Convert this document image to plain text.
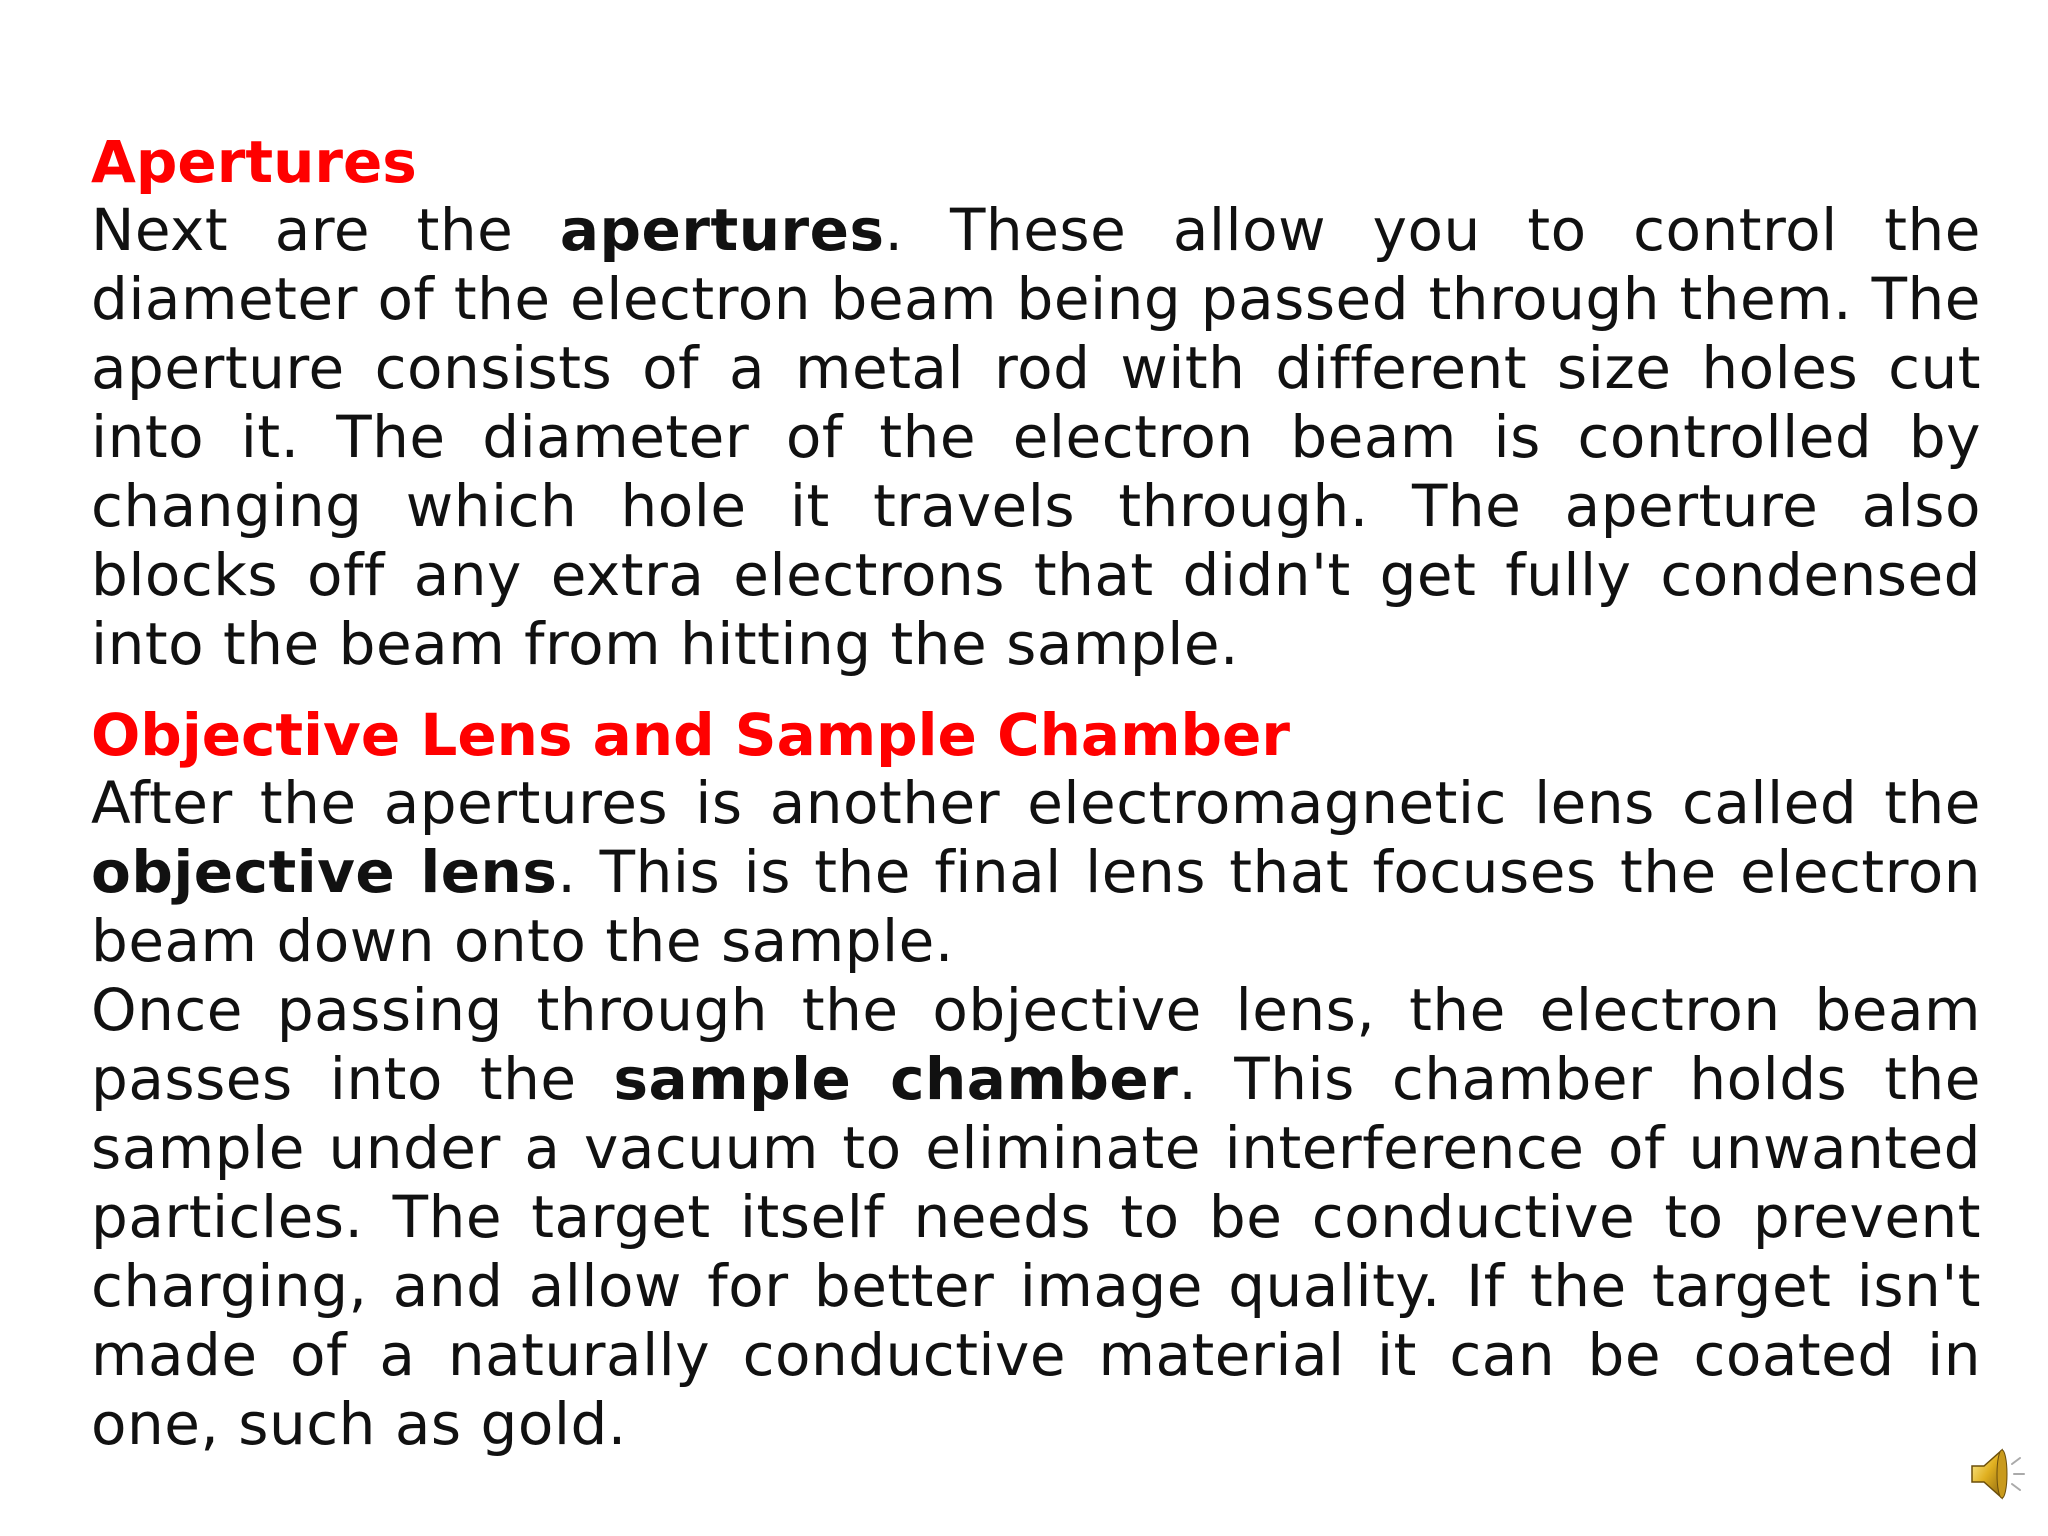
Apertures

Next are the apertures. These allow you to control the diameter of the electron beam being passed through them. The aperture consists of a metal rod with different size holes cut into it. The diameter of the electron beam is controlled by changing which hole it travels through. The aperture also blocks off any extra electrons that didn't get fully condensed into the beam from hitting the sample.

Objective Lens and Sample Chamber

After the apertures is another electromagnetic lens called the objective lens. This is the final lens that focuses the electron beam down onto the sample.

Once passing through the objective lens, the electron beam passes into the sample chamber. This chamber holds the sample under a vacuum to eliminate interference of unwanted particles. The target itself needs to be conductive to prevent charging, and allow for better image quality. If the target isn't made of a naturally conductive material it can be coated in one, such as gold.
